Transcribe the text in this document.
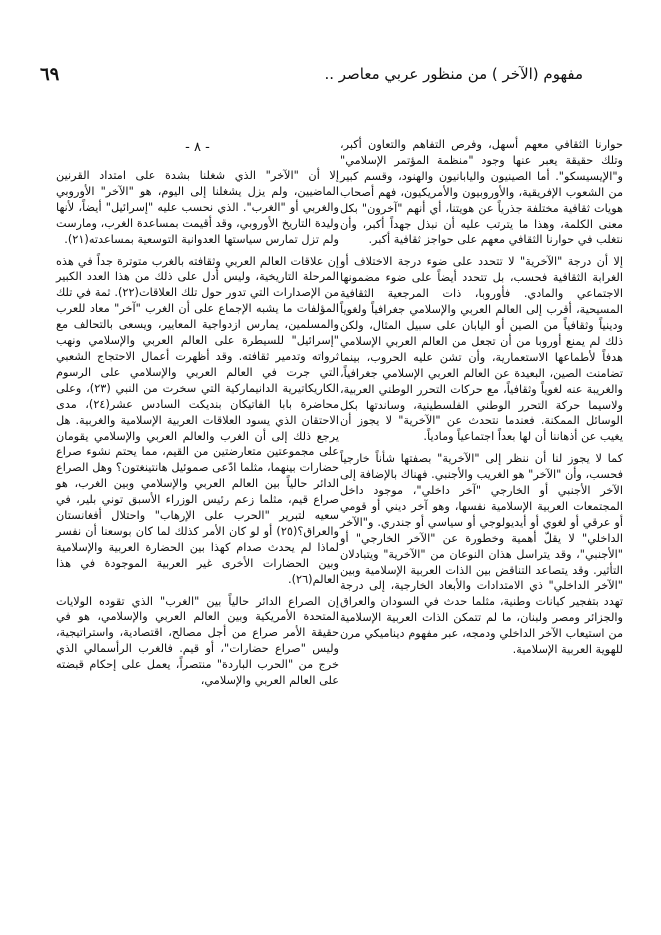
مفهوم (الآخر ) من منظور عربي معاصر ..
٦٩

حوارنا الثقافي معهم أسهل، وفرص التفاهم والتعاون أكبر، وتلك حقيقة يعبر عنها وجود "منظمة المؤتمر الإسلامي" و"الإيسيسكو". أما الصينيون واليابانيون والهنود، وقسم كبير من الشعوب الإفريقية، والأوروبيون والأمريكيون، فهم أصحاب هويات ثقافية مختلفة جذرياً عن هويتنا، أي أنهم "آخرون" بكل معنى الكلمة، وهذا ما يترتب عليه أن نبذل جهداً أكبر، وأن نتغلب في حوارنا الثقافي معهم على حواجز ثقافية أكبر.

إلا أن درجة "الآخرية" لا تتحدد على ضوء درجة الاختلاف أو الغرابة الثقافية فحسب، بل تتحدد أيضاً على ضوء مضمونها الاجتماعي والمادي. فأوروبا، ذات المرجعية الثقافية المسيحية، أقرب إلى العالم العربي والإسلامي جغرافياً ولغوياً ودينياً وثقافياً من الصين أو اليابان على سبيل المثال، ولكن ذلك لم يمنع أوروبا من أن تجعل من العالم العربي الإسلامي هدفاً لأطماعها الاستعمارية، وأن تشن عليه الحروب، بينما تضامنت الصين، البعيدة عن العالم العربي الإسلامي جغرافياً، والغريبة عنه لغوياً وثقافياً، مع حركات التحرر الوطني العربية، ولاسيما حركة التحرر الوطني الفلسطينية، وساندتها بكل الوسائل الممكنة. فعندما نتحدث عن "الآخرية" لا يجوز أن يغيب عن أذهاننا أن لها بعداً اجتماعياً ومادياً.

كما لا يجوز لنا أن ننظر إلى "الآخرية" بصفتها شأناً خارجياً فحسب، وأن "الآخر" هو الغريب والأجنبي. فهناك بالإضافة إلى الآخر الأجنبي أو الخارجي "آخر داخلي"، موجود داخل المجتمعات العربية الإسلامية نفسها، وهو آخر ديني أو قومي أو عرقي أو لغوي أو أيديولوجي أو سياسي أو جندري. و"الآخر الداخلي" لا يقلّ أهمية وخطورة عن "الآخر الخارجي" أو "الأجنبي"، وقد يتراسل هذان النوعان من "الآخرية" ويتبادلان التأثير. وقد يتصاعد التناقض بين الذات العربية الإسلامية وبين "الآخر الداخلي" ذي الامتدادات والأبعاد الخارجية، إلى درجة تهدد بتفجير كيانات وطنية، مثلما حدث في السودان والعراق والجزائر ومصر ولبنان، ما لم تتمكن الذات العربية الإسلامية من استيعاب الآخر الداخلي ودمجه، عبر مفهوم ديناميكي مرن للهوية العربية الإسلامية.

- ٨ -

إلا أن "الآخر" الذي شغلنا بشدة على امتداد القرنين الماضيين، ولم يزل يشغلنا إلى اليوم، هو "الآخر" الأوروبي والغربي أو "الغرب". الذي نحسب عليه "إسرائيل" أيضاً، لأنها وليدة التاريخ الأوروبي، وقد أقيمت بمساعدة الغرب، ومارست ولم تزل تمارس سياستها العدوانية التوسعية بمساعدته(٢١).

إن علاقات العالم العربي وثقافته بالغرب متوترة جداً في هذه المرحلة التاريخية، وليس أدل على ذلك من هذا العدد الكبير من الإصدارات التي تدور حول تلك العلاقات(٢٢). ثمة في تلك المؤلفات ما يشبه الإجماع على أن الغرب "آخر" معاد للعرب والمسلمين، يمارس ازدواجية المعايير، ويسعى بالتحالف مع "إسرائيل" للسيطرة على العالم العربي والإسلامي ونهب ثرواته وتدمير ثقافته. وقد أظهرت أعمال الاحتجاج الشعبي التي جرت في العالم العربي والإسلامي على الرسوم الكاريكاتيرية الدانيماركية التي سخرت من النبي (٢٣)، وعلى محاضرة بابا الفاتيكان بنديكت السادس عشر(٢٤)، مدى الاحتقان الذي يسود العلاقات العربية الإسلامية والغربية. هل يرجع ذلك إلى أن الغرب والعالم العربي والإسلامي يقومان على مجموعتين متعارضتين من القيم، مما يحتم نشوء صراع حضارات بينهما، مثلما ادّعى صموئيل هانتينغتون؟ وهل الصراع الدائر حالياً بين العالم العربي والإسلامي وبين الغرب، هو صراع قيم، مثلما زعم رئيس الوزراء الأسبق توني بلير، في سعيه لتبرير "الحرب على الإرهاب" واحتلال أفغانستان والعراق؟(٢٥) أو لو كان الأمر كذلك لما كان بوسعنا أن نفسر لماذا لم يحدث صدام كهذا بين الحضارة العربية والإسلامية وبين الحضارات الأخرى غير العربية الموجودة في هذا العالم(٢٦).

إن الصراع الدائر حالياً بين "الغرب" الذي تقوده الولايات المتحدة الأمريكية وبين العالم العربي والإسلامي، هو في حقيقة الأمر صراع من أجل مصالح، اقتصادية، واستراتيجية، وليس "صراع حضارات"، أو قيم. فالغرب الرأسمالي الذي خرج من "الحرب الباردة" منتصراً، يعمل على إحكام قبضته على العالم العربي والإسلامي،
